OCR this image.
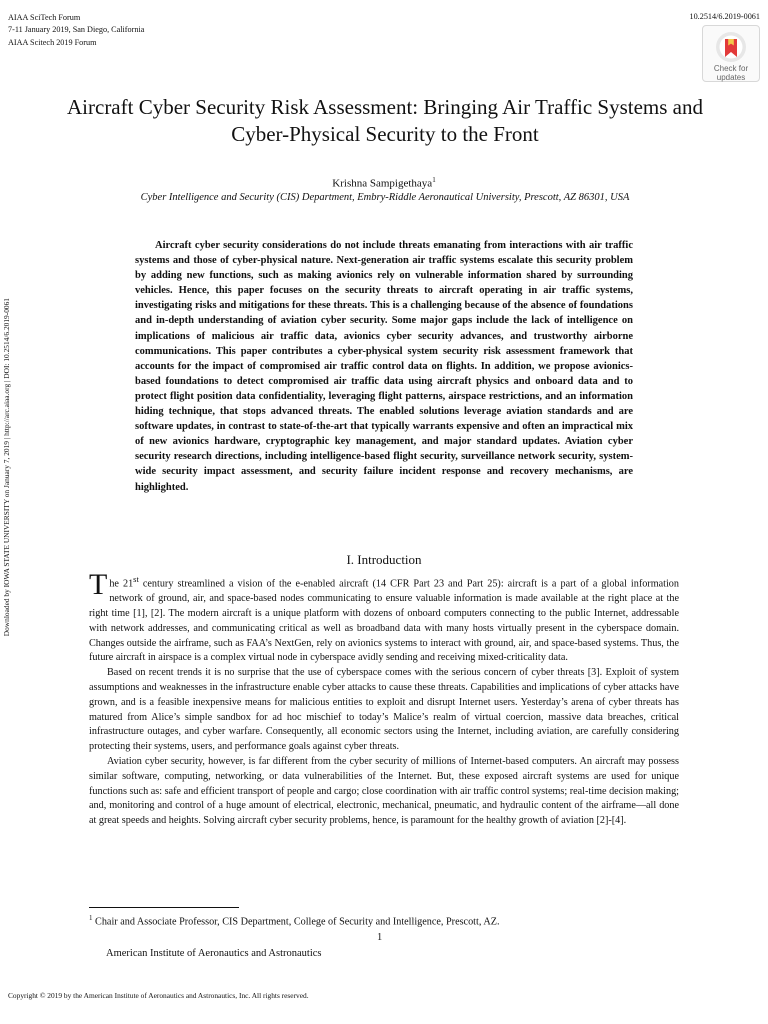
AIAA SciTech Forum
7-11 January 2019, San Diego, California
AIAA Scitech 2019 Forum
10.2514/6.2019-0061
Check for
updates
Downloaded by IOWA STATE UNIVERSITY on January 7, 2019 | http://arc.aiaa.org | DOI: 10.2514/6.2019-0061
Aircraft Cyber Security Risk Assessment: Bringing Air Traffic Systems and Cyber-Physical Security to the Front
Krishna Sampigethaya$^1$
Cyber Intelligence and Security (CIS) Department, Embry-Riddle Aeronautical University, Prescott, AZ 86301, USA

Aircraft cyber security considerations do not include threats emanating from interactions with air traffic systems and those of cyber-physical nature. Next-generation air traffic systems escalate this security problem by adding new functions, such as making avionics rely on vulnerable information shared by surrounding vehicles. Hence, this paper focuses on the security threats to aircraft operating in air traffic systems, investigating risks and mitigations for these threats. This is a challenging because of the absence of foundations and in-depth understanding of aviation cyber security. Some major gaps include the lack of intelligence on implications of malicious air traffic data, avionics cyber security advances, and trustworthy airborne communications. This paper contributes a cyber-physical system security risk assessment framework that accounts for the impact of compromised air traffic control data on flights. In addition, we propose avionics-based foundations to detect compromised air traffic data using aircraft physics and onboard data and to protect flight position data confidentiality, leveraging flight patterns, airspace restrictions, and an information hiding technique, that stops advanced threats. The enabled solutions leverage aviation standards and are software updates, in contrast to state-of-the-art that typically warrants expensive and often an impractical mix of new avionics hardware, cryptographic key management, and major standard updates. Aviation cyber security research directions, including intelligence-based flight security, surveillance network security, system-wide security impact assessment, and security failure incident response and recovery mechanisms, are highlighted.

I. Introduction

The 21st century streamlined a vision of the e-enabled aircraft (14 CFR Part 23 and Part 25): aircraft is a part of a global information network of ground, air, and space-based nodes communicating to ensure valuable information is made available at the right place at the right time [1], [2]. The modern aircraft is a unique platform with dozens of onboard computers connecting to the public Internet, addressable with network addresses, and communicating critical as well as broadband data with many hosts virtually present in the cyberspace domain. Changes outside the airframe, such as FAA’s NextGen, rely on avionics systems to interact with ground, air, and space-based systems. Thus, the future aircraft in airspace is a complex virtual node in cyberspace avidly sending and receiving mixed-criticality data.

Based on recent trends it is no surprise that the use of cyberspace comes with the serious concern of cyber threats [3]. Exploit of system assumptions and weaknesses in the infrastructure enable cyber attacks to cause these threats. Capabilities and implications of cyber attacks have grown, and is a feasible inexpensive means for malicious entities to exploit and disrupt Internet users. Yesterday’s arena of cyber threats has matured from Alice’s simple sandbox for ad hoc mischief to today’s Malice’s realm of virtual coercion, massive data breaches, critical infrastructure outages, and cyber warfare. Consequently, all economic sectors using the Internet, including aviation, are carefully considering protecting their systems, users, and performance goals against cyber threats.

Aviation cyber security, however, is far different from the cyber security of millions of Internet-based computers. An aircraft may possess similar software, computing, networking, or data vulnerabilities of the Internet. But, these exposed aircraft systems are used for unique functions such as: safe and efficient transport of people and cargo; close coordination with air traffic control systems; real-time decision making; and, monitoring and control of a huge amount of electrical, electronic, mechanical, pneumatic, and hydraulic content of the airframe—all done at great speeds and heights. Solving aircraft cyber security problems, hence, is paramount for the healthy growth of aviation [2]-[4].

$^1$ Chair and Associate Professor, CIS Department, College of Security and Intelligence, Prescott, AZ.
1
American Institute of Aeronautics and Astronautics
Copyright © 2019 by the American Institute of Aeronautics and Astronautics, Inc. All rights reserved.
